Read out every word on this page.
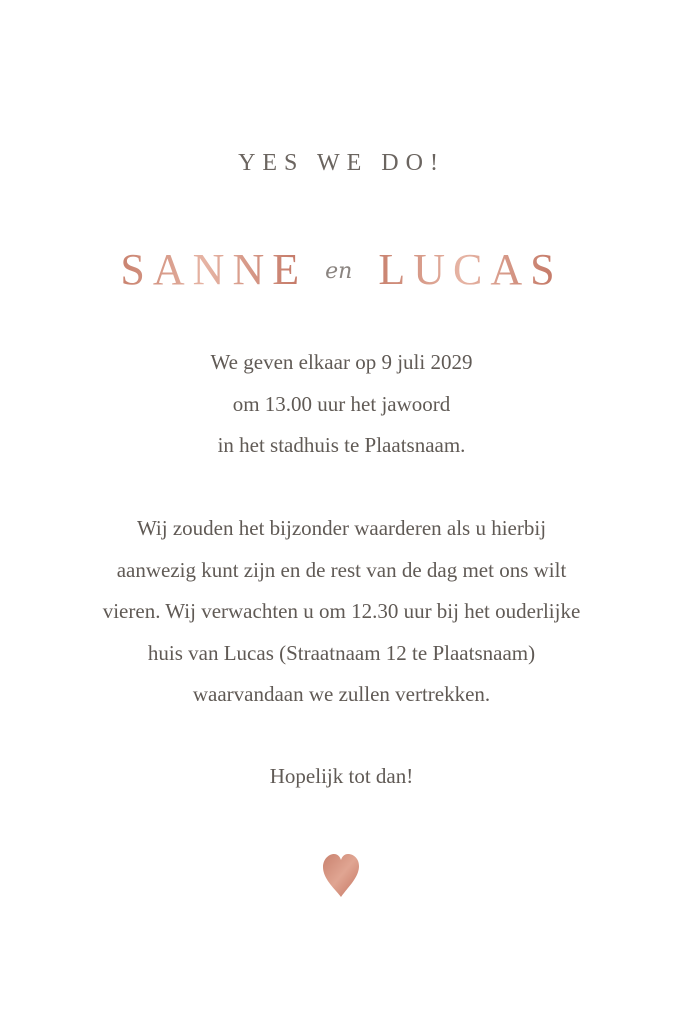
YES WE DO!
SANNE en LUCAS
We geven elkaar op 9 juli 2029
om 13.00 uur het jawoord
in het stadhuis te Plaatsnaam.
Wij zouden het bijzonder waarderen als u hierbij
aanwezig kunt zijn en de rest van de dag met ons wilt
vieren. Wij verwachten u om 12.30 uur bij het ouderlijke
huis van Lucas (Straatnaam 12 te Plaatsnaam)
waarvandaan we zullen vertrekken.
Hopelijk tot dan!
